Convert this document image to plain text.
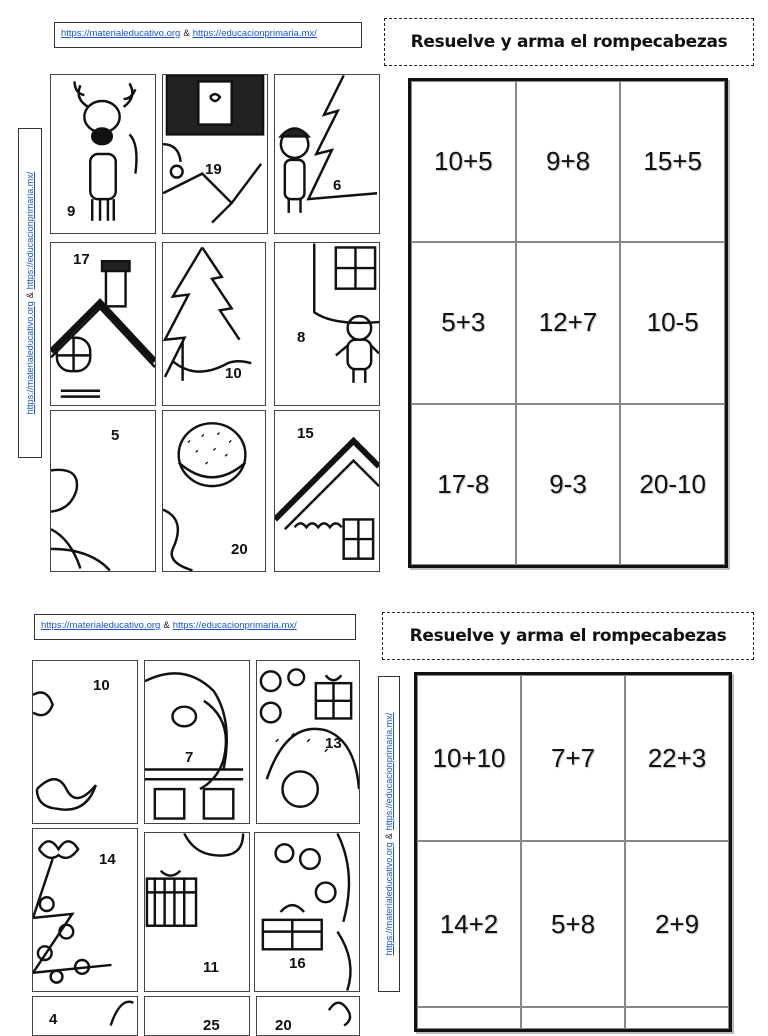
https://materialeducativo.org & https://educacionprimaria.mx/
https://materialeducativo.org&https://educacionprimaria.mx/
Resuelve y arma el rompecabezas
10+5	9+8	15+5
5+3	12+7	10-5
17-8	9-3	20-10
9
19
6
17
10
8
5
20
15
https://materialeducativo.org & https://educacionprimaria.mx/
https://materialeducativo.org&https://educacionprimaria.mx/
Resuelve y arma el rompecabezas
10+10	7+7	22+3
14+2	5+8	2+9
10
7
13
14
11	16
4	25	20
